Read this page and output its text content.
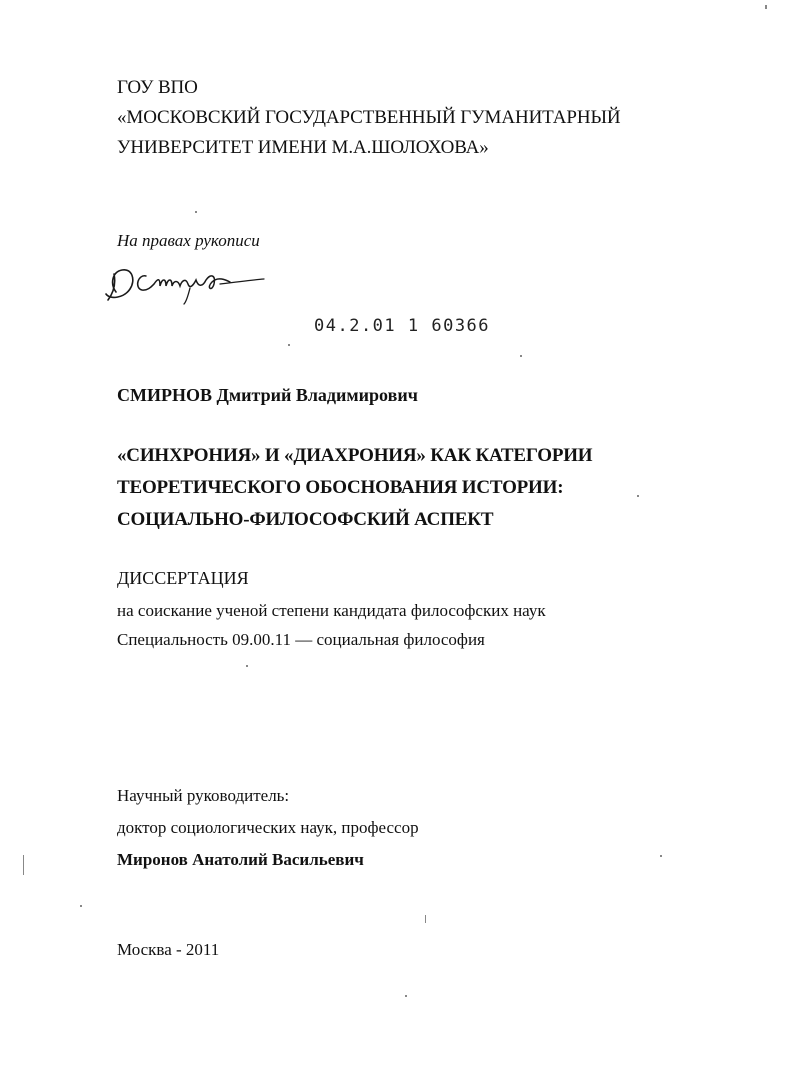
ГОУ ВПО

«МОСКОВСКИЙ ГОСУДАРСТВЕННЫЙ ГУМАНИТАРНЫЙ

УНИВЕРСИТЕТ ИМЕНИ М.А.ШОЛОХОВА»

На правах рукописи

04.2.01 1 60366

СМИРНОВ Дмитрий Владимирович

«СИНХРОНИЯ» И «ДИАХРОНИЯ» КАК КАТЕГОРИИ

ТЕОРЕТИЧЕСКОГО ОБОСНОВАНИЯ ИСТОРИИ:

СОЦИАЛЬНО-ФИЛОСОФСКИЙ АСПЕКТ

ДИССЕРТАЦИЯ

на соискание ученой степени кандидата философских наук

Специальность 09.00.11 — социальная философия

Научный руководитель:

доктор социологических наук, профессор

Миронов Анатолий Васильевич

Москва - 2011
